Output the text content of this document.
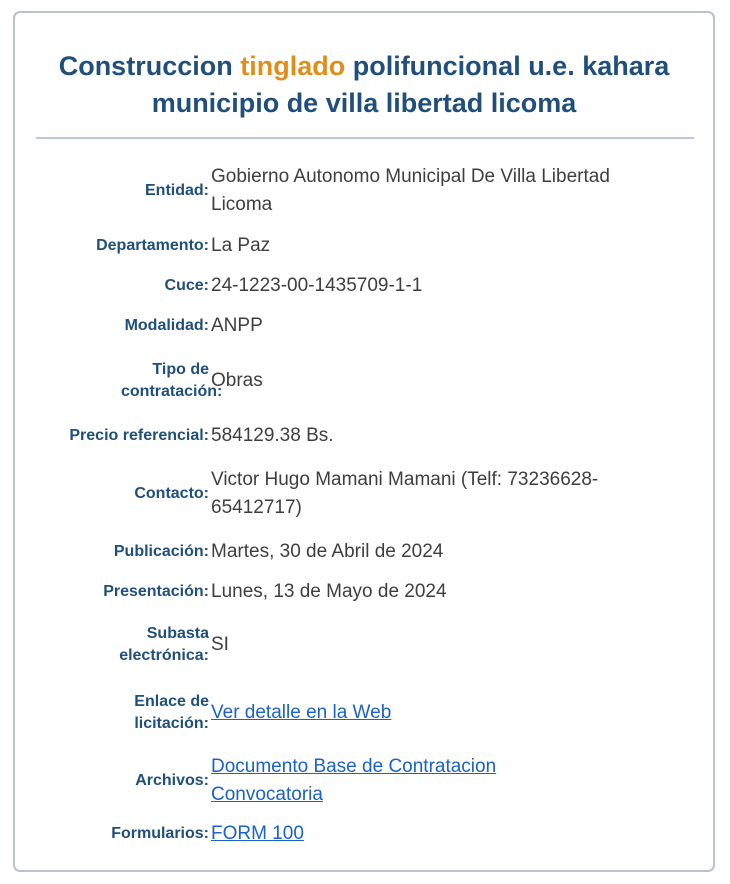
Construccion tinglado polifuncional u.e. kahara municipio de villa libertad licoma
Entidad:
Gobierno Autonomo Municipal De Villa Libertad Licoma
Departamento: La Paz
Cuce: 24-1223-00-1435709-1-1
Modalidad: ANPP
Tipo de contratación:
Obras
Precio referencial: 584129.38 Bs.
Contacto:
Victor Hugo Mamani Mamani (Telf: 73236628-65412717)
Publicación: Martes, 30 de Abril de 2024
Presentación: Lunes, 13 de Mayo de 2024
Subasta electrónica:
SI
Enlace de licitación:
Ver detalle en la Web
Archivos:
Documento Base de Contratacion Convocatoria
Formularios: FORM 100
